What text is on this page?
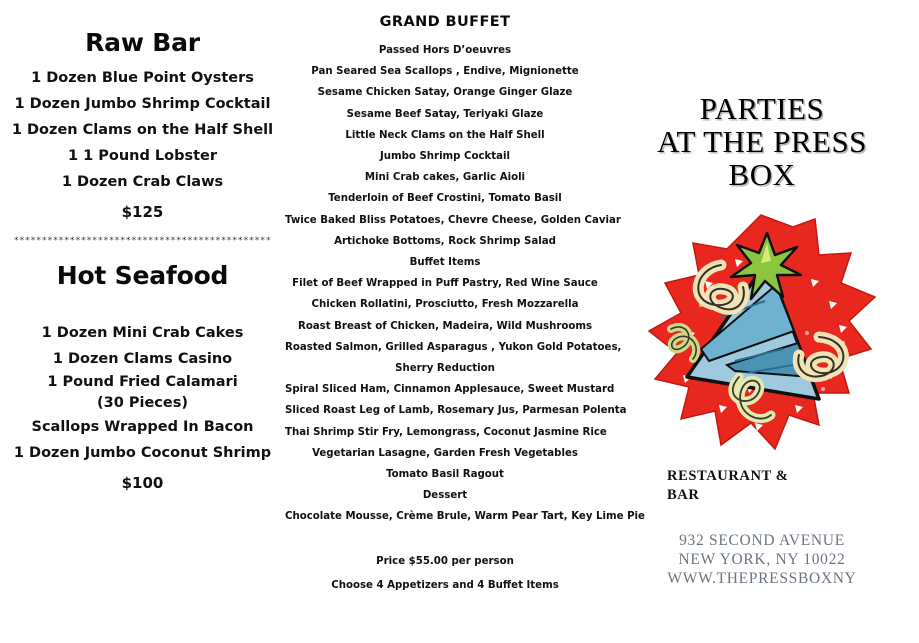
Raw Bar
1 Dozen Blue Point Oysters
1 Dozen Jumbo Shrimp Cocktail
1 Dozen Clams on the Half Shell
1 1 Pound Lobster
1 Dozen Crab Claws
$125
**********************************************
Hot Seafood
1 Dozen Mini Crab Cakes
1 Dozen Clams Casino
1 Pound Fried Calamari
(30 Pieces)
Scallops Wrapped In Bacon
1 Dozen Jumbo Coconut Shrimp
$100
GRAND BUFFET
Passed Hors D’oeuvres
Pan Seared Sea Scallops , Endive, Mignionette
Sesame Chicken Satay, Orange Ginger Glaze
Sesame Beef Satay, Teriyaki Glaze
Little Neck Clams on the Half Shell
Jumbo Shrimp Cocktail
Mini Crab cakes, Garlic Aioli
Tenderloin of Beef Crostini, Tomato Basil
Twice Baked Bliss Potatoes, Chevre Cheese, Golden Caviar
Artichoke Bottoms, Rock Shrimp Salad
Buffet Items
Filet of Beef Wrapped in Puff Pastry, Red Wine Sauce
Chicken Rollatini, Prosciutto, Fresh Mozzarella
Roast Breast of Chicken, Madeira, Wild Mushrooms
Roasted Salmon, Grilled Asparagus , Yukon Gold Potatoes,
Sherry Reduction
Spiral Sliced Ham, Cinnamon Applesauce, Sweet Mustard
Sliced Roast Leg of Lamb, Rosemary Jus, Parmesan Polenta
Thai Shrimp Stir Fry, Lemongrass, Coconut Jasmine Rice
Vegetarian Lasagne, Garden Fresh Vegetables
Tomato Basil Ragout
Dessert
Chocolate Mousse, Crème Brule, Warm Pear Tart, Key Lime Pie
Price $55.00 per person
Choose 4 Appetizers and 4 Buffet Items
PARTIES
AT THE PRESS
BOX
RESTAURANT &
BAR
932 SECOND AVENUE
NEW YORK, NY 10022
WWW.THEPRESSBOXNY
